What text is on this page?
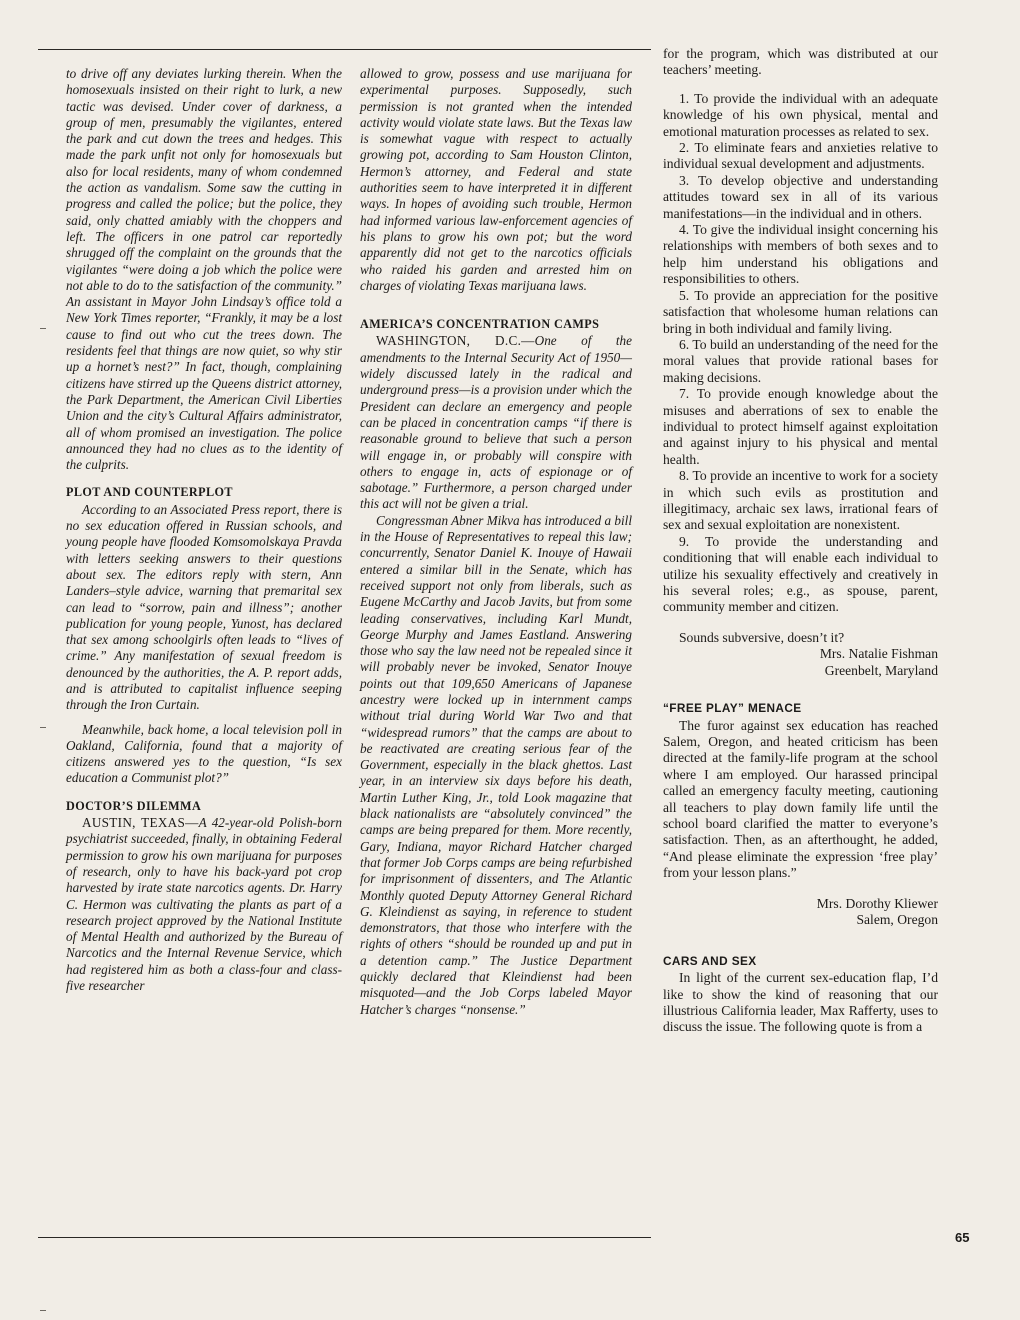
to drive off any deviates lurking therein. When the homosexuals insisted on their right to lurk, a new tactic was devised. Under cover of darkness, a group of men, presumably the vigilantes, entered the park and cut down the trees and hedges. This made the park unfit not only for homosexuals but also for local residents, many of whom condemned the action as vandalism. Some saw the cutting in progress and called the police; but the police, they said, only chatted amiably with the choppers and left. The officers in one patrol car reportedly shrugged off the complaint on the grounds that the vigilantes “were doing a job which the police were not able to do to the satisfaction of the community.” An assistant in Mayor John Lindsay’s office told a New York Times reporter, “Frankly, it may be a lost cause to find out who cut the trees down. The residents feel that things are now quiet, so why stir up a hornet’s nest?” In fact, though, complaining citizens have stirred up the Queens district attorney, the Park Department, the American Civil Liberties Union and the city’s Cultural Affairs administrator, all of whom promised an investigation. The police announced they had no clues as to the identity of the culprits.

PLOT AND COUNTERPLOT

According to an Associated Press report, there is no sex education offered in Russian schools, and young people have flooded Komsomolskaya Pravda with letters seeking answers to their questions about sex. The editors reply with stern, Ann Landers–style advice, warning that premarital sex can lead to “sorrow, pain and illness”; another publication for young people, Yunost, has declared that sex among schoolgirls often leads to “lives of crime.” Any manifestation of sexual freedom is denounced by the authorities, the A. P. report adds, and is attributed to capitalist influence seeping through the Iron Curtain.

Meanwhile, back home, a local television poll in Oakland, California, found that a majority of citizens answered yes to the question, “Is sex education a Communist plot?”

DOCTOR’S DILEMMA

AUSTIN, TEXAS—A 42-year-old Polish-born psychiatrist succeeded, finally, in obtaining Federal permission to grow his own marijuana for purposes of research, only to have his back-yard pot crop harvested by irate state narcotics agents. Dr. Harry C. Hermon was cultivating the plants as part of a research project approved by the National Institute of Mental Health and authorized by the Bureau of Narcotics and the Internal Revenue Service, which had registered him as both a class-four and class-five researcher

allowed to grow, possess and use marijuana for experimental purposes. Supposedly, such permission is not granted when the intended activity would violate state laws. But the Texas law is somewhat vague with respect to actually growing pot, according to Sam Houston Clinton, Hermon’s attorney, and Federal and state authorities seem to have interpreted it in different ways. In hopes of avoiding such trouble, Hermon had informed various law-enforcement agencies of his plans to grow his own pot; but the word apparently did not get to the narcotics officials who raided his garden and arrested him on charges of violating Texas marijuana laws.

AMERICA’S CONCENTRATION CAMPS

WASHINGTON, D.C.—One of the amendments to the Internal Security Act of 1950—widely discussed lately in the radical and underground press—is a provision under which the President can declare an emergency and people can be placed in concentration camps “if there is reasonable ground to believe that such a person will engage in, or probably will conspire with others to engage in, acts of espionage or of sabotage.” Furthermore, a person charged under this act will not be given a trial.

Congressman Abner Mikva has introduced a bill in the House of Representatives to repeal this law; concurrently, Senator Daniel K. Inouye of Hawaii entered a similar bill in the Senate, which has received support not only from liberals, such as Eugene McCarthy and Jacob Javits, but from some leading conservatives, including Karl Mundt, George Murphy and James Eastland. Answering those who say the law need not be repealed since it will probably never be invoked, Senator Inouye points out that 109,650 Americans of Japanese ancestry were locked up in internment camps without trial during World War Two and that “widespread rumors” that the camps are about to be reactivated are creating serious fear of the Government, especially in the black ghettos. Last year, in an interview six days before his death, Martin Luther King, Jr., told Look magazine that black nationalists are “absolutely convinced” the camps are being prepared for them. More recently, Gary, Indiana, mayor Richard Hatcher charged that former Job Corps camps are being refurbished for imprisonment of dissenters, and The Atlantic Monthly quoted Deputy Attorney General Richard G. Kleindienst as saying, in reference to student demonstrators, that those who interfere with the rights of others “should be rounded up and put in a detention camp.” The Justice Department quickly declared that Kleindienst had been misquoted—and the Job Corps labeled Mayor Hatcher’s charges “nonsense.”

for the program, which was distributed at our teachers’ meeting.

1. To provide the individual with an adequate knowledge of his own physical, mental and emotional maturation processes as related to sex.
2. To eliminate fears and anxieties relative to individual sexual development and adjustments.
3. To develop objective and understanding attitudes toward sex in all of its various manifestations—in the individual and in others.
4. To give the individual insight concerning his relationships with members of both sexes and to help him understand his obligations and responsibilities to others.
5. To provide an appreciation for the positive satisfaction that wholesome human relations can bring in both individual and family living.
6. To build an understanding of the need for the moral values that provide rational bases for making decisions.
7. To provide enough knowledge about the misuses and aberrations of sex to enable the individual to protect himself against exploitation and against injury to his physical and mental health.
8. To provide an incentive to work for a society in which such evils as prostitution and illegitimacy, archaic sex laws, irrational fears of sex and sexual exploitation are nonexistent.
9. To provide the understanding and conditioning that will enable each individual to utilize his sexuality effectively and creatively in his several roles; e.g., as spouse, parent, community member and citizen.

Sounds subversive, doesn’t it?

Mrs. Natalie Fishman
Greenbelt, Maryland
“FREE PLAY” MENACE

The furor against sex education has reached Salem, Oregon, and heated criticism has been directed at the family-life program at the school where I am employed. Our harassed principal called an emergency faculty meeting, cautioning all teachers to play down family life until the school board clarified the matter to everyone’s satisfaction. Then, as an afterthought, he added, “And please eliminate the expression ‘free play’ from your lesson plans.”

Mrs. Dorothy Kliewer
Salem, Oregon
CARS AND SEX

In light of the current sex-education flap, I’d like to show the kind of reasoning that our illustrious California leader, Max Rafferty, uses to discuss the issue. The following quote is from a

65
